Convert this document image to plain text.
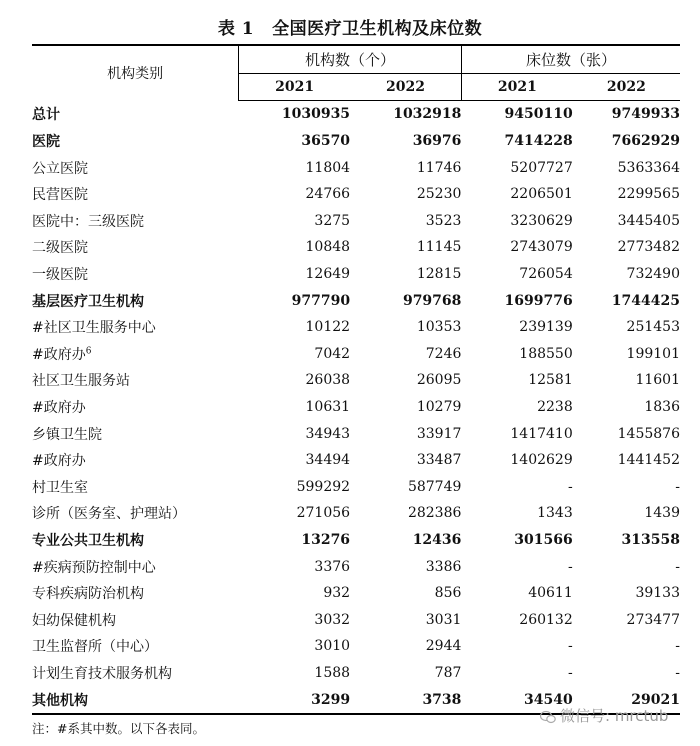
表 1 全国医疗卫生机构及床位数
机构类别	机构数（个）		床位数（张）	
	2021	2022	2021	2022
总计	1030935	1032918	9450110	9749933
医院	36570	36976	7414228	7662929
公立医院	11804	11746	5207727	5363364
民营医院	24766	25230	2206501	2299565
医院中：三级医院	3275	3523	3230629	3445405
二级医院	10848	11145	2743079	2773482
一级医院	12649	12815	726054	732490
基层医疗卫生机构	977790	979768	1699776	1744425
#社区卫生服务中心	10122	10353	239139	251453
#政府办$^6$	7042	7246	188550	199101
社区卫生服务站	26038	26095	12581	11601
#政府办	10631	10279	2238	1836
乡镇卫生院	34943	33917	1417410	1455876
#政府办	34494	33487	1402629	1441452
村卫生室	599292	587749	-	-
诊所（医务室、护理站）	271056	282386	1343	1439
专业公共卫生机构	13276	12436	301566	313558
#疾病预防控制中心	3376	3386	-	-
专科疾病防治机构	932	856	40611	39133
妇幼保健机构	3032	3031	260132	273477
卫生监督所（中心）	3010	2944	-	-
计划生育技术服务机构	1588	787	-	-
其他机构	3299	3738	34540	29021
注：#系其中数。以下各表同。
微信号: mrctub
